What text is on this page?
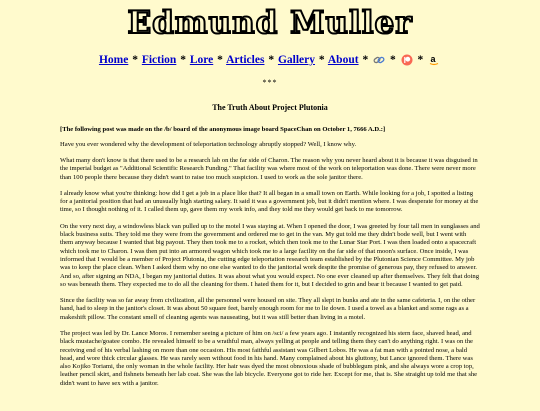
Edmund Muller
Home * Fiction * Lore * Articles * Gallery * About * * * a
***
The Truth About Project Plutonia

[The following post was made on the /b/ board of the anonymous image board SpaceChan on October 1, 7666 A.D.:]

Have you ever wondered why the development of teleportation technology abruptly stopped? Well, I know why.

What many don't know is that there used to be a research lab on the far side of Charon. The reason why you never heard about it is because it was disguised in the imperial budget as "Additional Scientific Research Funding." That facility was where most of the work on teleportation was done. There were never more than 100 people there because they didn't want to raise too much suspicion. I used to work as the sole janitor there.

I already know what you're thinking: how did I get a job in a place like that? It all began in a small town on Earth. While looking for a job, I spotted a listing for a janitorial position that had an unusually high starting salary. It said it was a government job, but it didn't mention where. I was desperate for money at the time, so I thought nothing of it. I called them up, gave them my work info, and they told me they would get back to me tomorrow.

On the very next day, a windowless black van pulled up to the motel I was staying at. When I opened the door, I was greeted by four tall men in sunglasses and black business suits. They told me they were from the government and ordered me to get in the van. My gut told me they didn't bode well, but I went with them anyway because I wanted that big payout. They then took me to a rocket, which then took me to the Lunar Star Port. I was then loaded onto a spacecraft which took me to Charon. I was then put into an armored wagon which took me to a large facility on the far side of that moon's surface. Once inside, I was informed that I would be a member of Project Plutonia, the cutting edge teleportation research team established by the Plutonian Science Committee. My job was to keep the place clean. When I asked them why no one else wanted to do the janitorial work despite the promise of generous pay, they refused to answer. And so, after signing an NDA, I began my janitorial duties. It was about what you would expect. No one ever cleaned up after themselves. They felt that doing so was beneath them. They expected me to do all the cleaning for them. I hated them for it, but I decided to grin and bear it because I wanted to get paid.

Since the facility was so far away from civilization, all the personnel were housed on site. They all slept in bunks and ate in the same cafeteria. I, on the other hand, had to sleep in the janitor's closet. It was about 50 square feet, barely enough room for me to lie down. I used a towel as a blanket and some rags as a makeshift pillow. The constant smell of cleaning agents was nauseating, but it was still better than living in a motel.

The project was led by Dr. Lance Moros. I remember seeing a picture of him on /sci/ a few years ago. I instantly recognized his stern face, shaved head, and black mustache/goatee combo. He revealed himself to be a wrathful man, always yelling at people and telling them they can't do anything right. I was on the receiving end of his verbal lashing on more than one occasion. His most faithful assistant was Gilbert Lobos. He was a fat man with a pointed nose, a bald head, and wore thick circular glasses. He was rarely seen without food in his hand. Many complained about his gluttony, but Lance ignored them. There was also Kojiko Toriami, the only woman in the whole facility. Her hair was dyed the most obnoxious shade of bubblegum pink, and she always wore a crop top, leather pencil skirt, and fishnets beneath her lab coat. She was the lab bicycle. Everyone got to ride her. Except for me, that is. She straight up told me that she didn't want to have sex with a janitor.
